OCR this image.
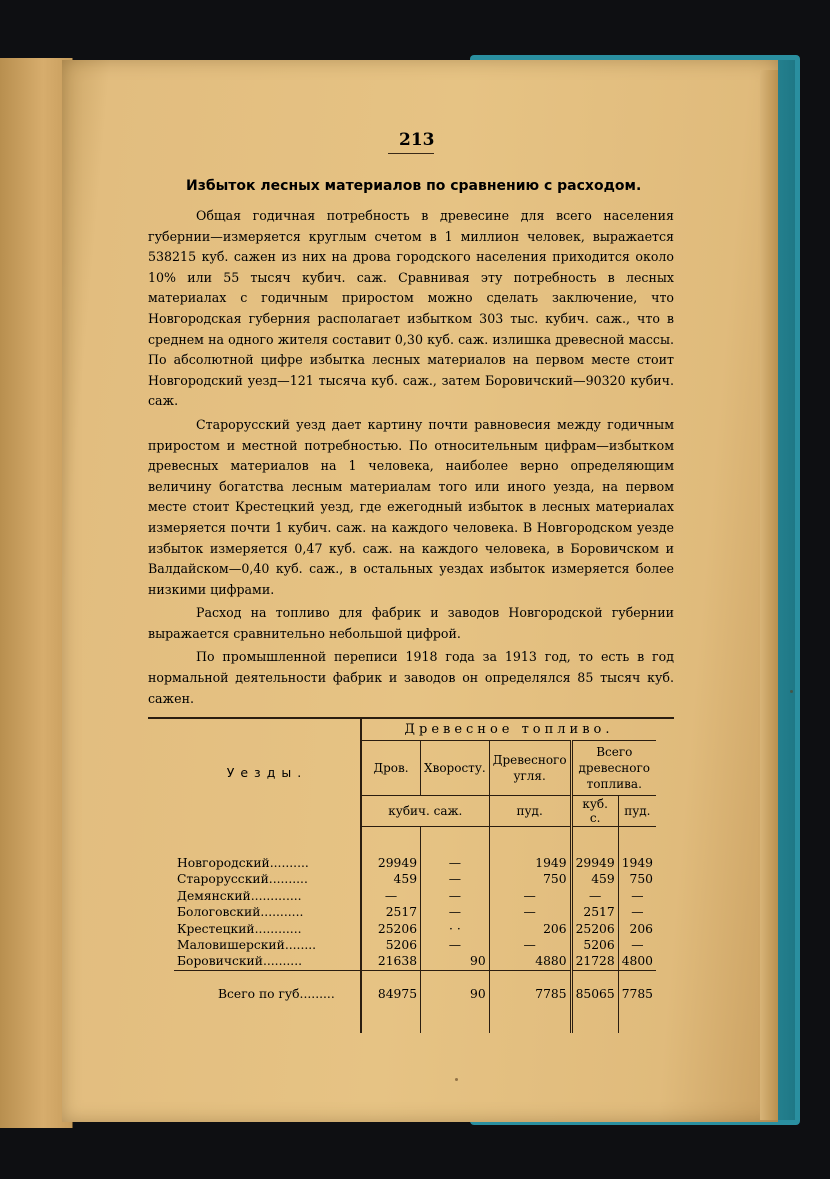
213
Избыток лесных материалов по сравнению с расходом.

Общая годичная потребность в древесине для всего населения губернии—измеряется круглым счетом в 1 миллион человек, выражается 538215 куб. сажен из них на дрова городского населения приходится около 10% или 55 тысяч кубич. саж. Сравнивая эту потребность в лесных материалах с годичным приростом можно сделать заключение, что Новгородская губерния располагает избытком 303 тыс. кубич. саж., что в среднем на одного жителя составит 0,30 куб. саж. излишка древесной массы. По абсолютной цифре избытка лесных материалов на первом месте стоит Новгородский уезд—121 тысяча куб. саж., затем Боровичский—90320 кубич. саж.

Старорусский уезд дает картину почти равновесия между годичным приростом и местной потребностью. По относительным цифрам—избытком древесных материалов на 1 человека, наиболее верно определяющим величину богатства лесным материалам того или иного уезда, на первом месте стоит Крестецкий уезд, где ежегодный избыток в лесных материалах измеряется почти 1 кубич. саж. на каждого человека. В Новгородском уезде избыток измеряется 0,47 куб. саж. на каждого человека, в Боровичском и Валдайском—0,40 куб. саж., в остальных уездах избыток измеряется более низкими цифрами.

Расход на топливо для фабрик и заводов Новгородской губернии выражается сравнительно небольшой цифрой.

По промышленной переписи 1918 года за 1913 год, то есть в год нормальной деятельности фабрик и заводов он определялся 85 тысяч куб. сажен.

Уезды.	Древесное топливо.				
	Дров.	Хворосту.	Древесного угля.	Всего древесного топлива.	
	кубич. саж.		пуд.	куб. с.	пуд.

Новгородский..........	29949	—	1949	29949	1949
Старорусский..........	459	—	750	459	750
Демянский.............	—	—	—	—	—
Бологовский...........	2517	—	—	2517	—
Крестецкий............	25206	· ·	206	25206	206
Маловишерский........	5206	—	—	5206	—
Боровичский..........	21638	90	4880	21728	4800
Всего по губ.........	84975	90	7785	85065	7785
